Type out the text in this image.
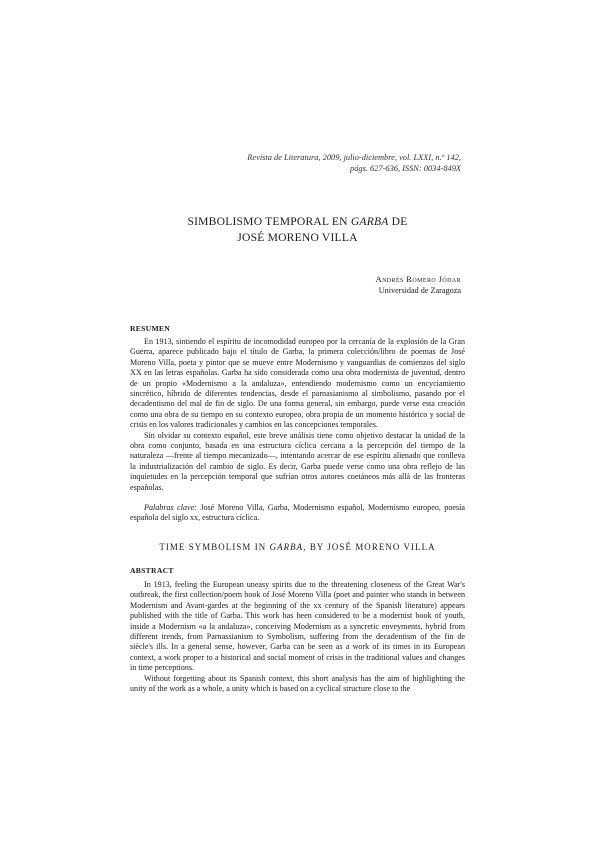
Revista de Literatura, 2009, julio-diciembre, vol. LXXI, n.º 142,
págs. 627-636, ISSN: 0034-849X
SIMBOLISMO TEMPORAL EN GARBA DE
JOSÉ MORENO VILLA
Andrés Romero Jódar
Universidad de Zaragoza
RESUMEN

En 1913, sintiendo el espíritu de incomodidad europeo por la cercanía de la explosión de la Gran Guerra, aparece publicado bajo el título de Garba, la primera colección/libro de poemas de José Moreno Villa, poeta y pintor que se mueve entre Modernismo y vanguardias de comienzos del siglo XX en las letras españolas. Garba ha sido considerada como una obra modernista de juventud, dentro de un propio «Modernismo a la andaluza», entendiendo modernismo como un encyciamiento sincrético, híbrido de diferentes tendencias, desde el parnasianismo al simbolismo, pasando por el decadentismo del mal de fin de siglo. De una forma general, sin embargo, puede verse esta creación como una obra de su tiempo en su contexto europeo, obra propia de un momento histórico y social de crisis en los valores tradicionales y cambios en las concepciones temporales.

Sin olvidar su contexto español, este breve análisis tiene como objetivo destacar la unidad de la obra como conjunto, basada en una estructura cíclica cercana a la percepción del tiempo de la naturaleza —frente al tiempo mecanizado—, intentando acercar de ese espíritu alienado que conlleva la industrialización del cambio de siglo. Es decir, Garba puede verse como una obra reflejo de las inquietudes en la percepción temporal que sufrían otros autores coetáneos más allá de las fronteras españolas.

Palabras clave: José Moreno Villa, Garba, Modernismo español, Modernismo europeo, poesía española del siglo xx, estructura cíclica.

TIME SYMBOLISM IN GARBA, BY JOSÉ MORENO VILLA
ABSTRACT

In 1913, feeling the European uneasy spirits due to the threatening closeness of the Great War's outbreak, the first collection/poem book of José Moreno Villa (poet and painter who stands in between Modernism and Avant-gardes at the beginning of the xx century of the Spanish literature) appears published with the title of Garba. This work has been considered to be a modernist book of youth, inside a Modernism «a la andaluza», conceiving Modernism as a syncretic enveyments, hybrid from different trends, from Parnassianism to Symbolism, suffering from the decadentism of the fin de siècle's ills. In a general sense, however, Garba can be seen as a work of its times in its European context, a work proper to a historical and social moment of crisis in the traditional values and changes in time perceptions.

Without forgetting about its Spanish context, this short analysis has the aim of highlighting the unity of the work as a whole, a unity which is based on a cyclical structure close to the
